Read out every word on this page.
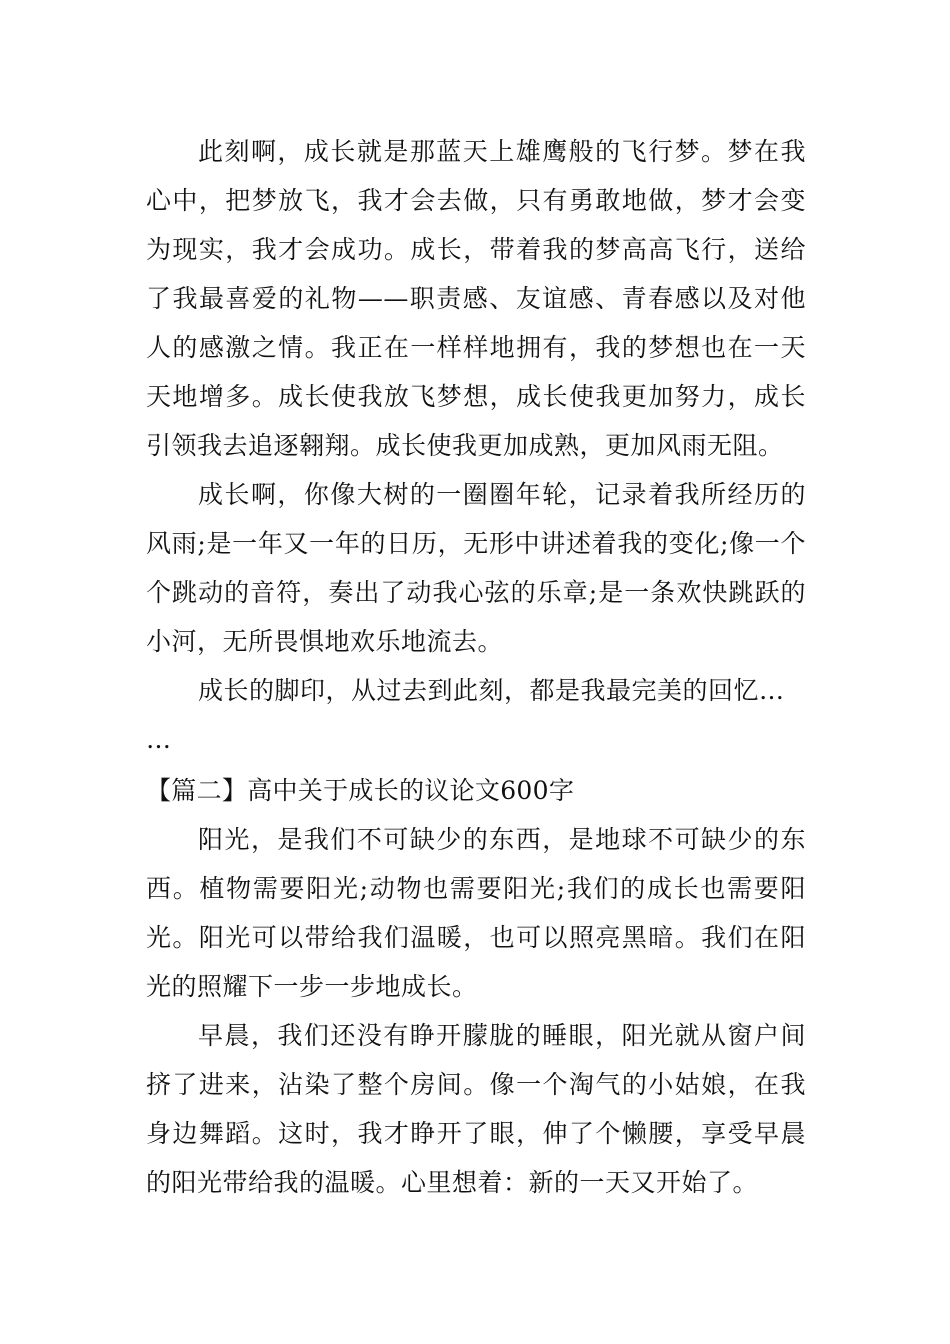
此刻啊，成长就是那蓝天上雄鹰般的飞行梦。梦在我心中，把梦放飞，我才会去做，只有勇敢地做，梦才会变为现实，我才会成功。成长，带着我的梦高高飞行，送给了我最喜爱的礼物——职责感、友谊感、青春感以及对他人的感激之情。我正在一样样地拥有，我的梦想也在一天天地增多。成长使我放飞梦想，成长使我更加努力，成长引领我去追逐翱翔。成长使我更加成熟，更加风雨无阻。

成长啊，你像大树的一圈圈年轮，记录着我所经历的风雨;是一年又一年的日历，无形中讲述着我的变化;像一个个跳动的音符，奏出了动我心弦的乐章;是一条欢快跳跃的小河，无所畏惧地欢乐地流去。

成长的脚印，从过去到此刻，都是我最完美的回忆…

…

【篇二】高中关于成长的议论文600字

阳光，是我们不可缺少的东西，是地球不可缺少的东西。植物需要阳光;动物也需要阳光;我们的成长也需要阳光。阳光可以带给我们温暖，也可以照亮黑暗。我们在阳光的照耀下一步一步地成长。

早晨，我们还没有睁开朦胧的睡眼，阳光就从窗户间挤了进来，沾染了整个房间。像一个淘气的小姑娘，在我身边舞蹈。这时，我才睁开了眼，伸了个懒腰，享受早晨的阳光带给我的温暖。心里想着：新的一天又开始了。
